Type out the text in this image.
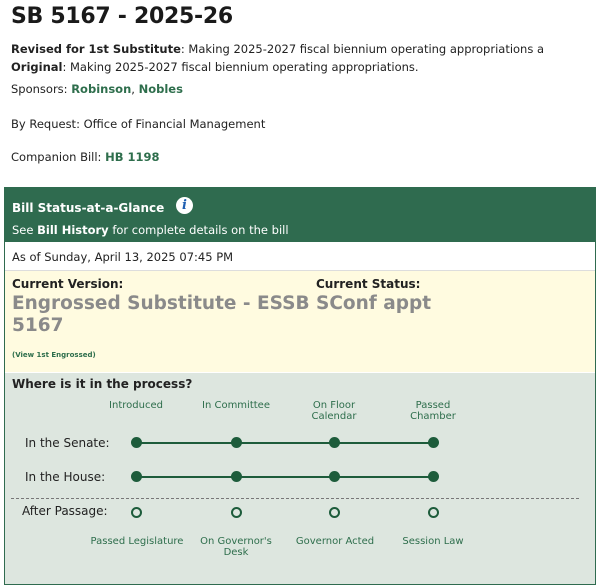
SB 5167 - 2025-26
Revised for 1st Substitute: Making 2025-2027 fiscal biennium operating appropriations a
Original: Making 2025-2027 fiscal biennium operating appropriations.
Sponsors: Robinson, Nobles
By Request: Office of Financial Management
Companion Bill: HB 1198
Bill Status-at-a-Glance	i
See Bill History for complete details on the bill
As of Sunday, April 13, 2025 07:45 PM
Current Version:
Engrossed Substitute - ESSB
5167
(View 1st Engrossed)
Current Status:
SConf appt
Where is it in the process?
Introduced	In Committee	On Floor
Calendar
Passed
Chamber
In the Senate:
In the House:
After Passage:
Passed Legislature	On Governor's
Desk
Governor Acted	Session Law
